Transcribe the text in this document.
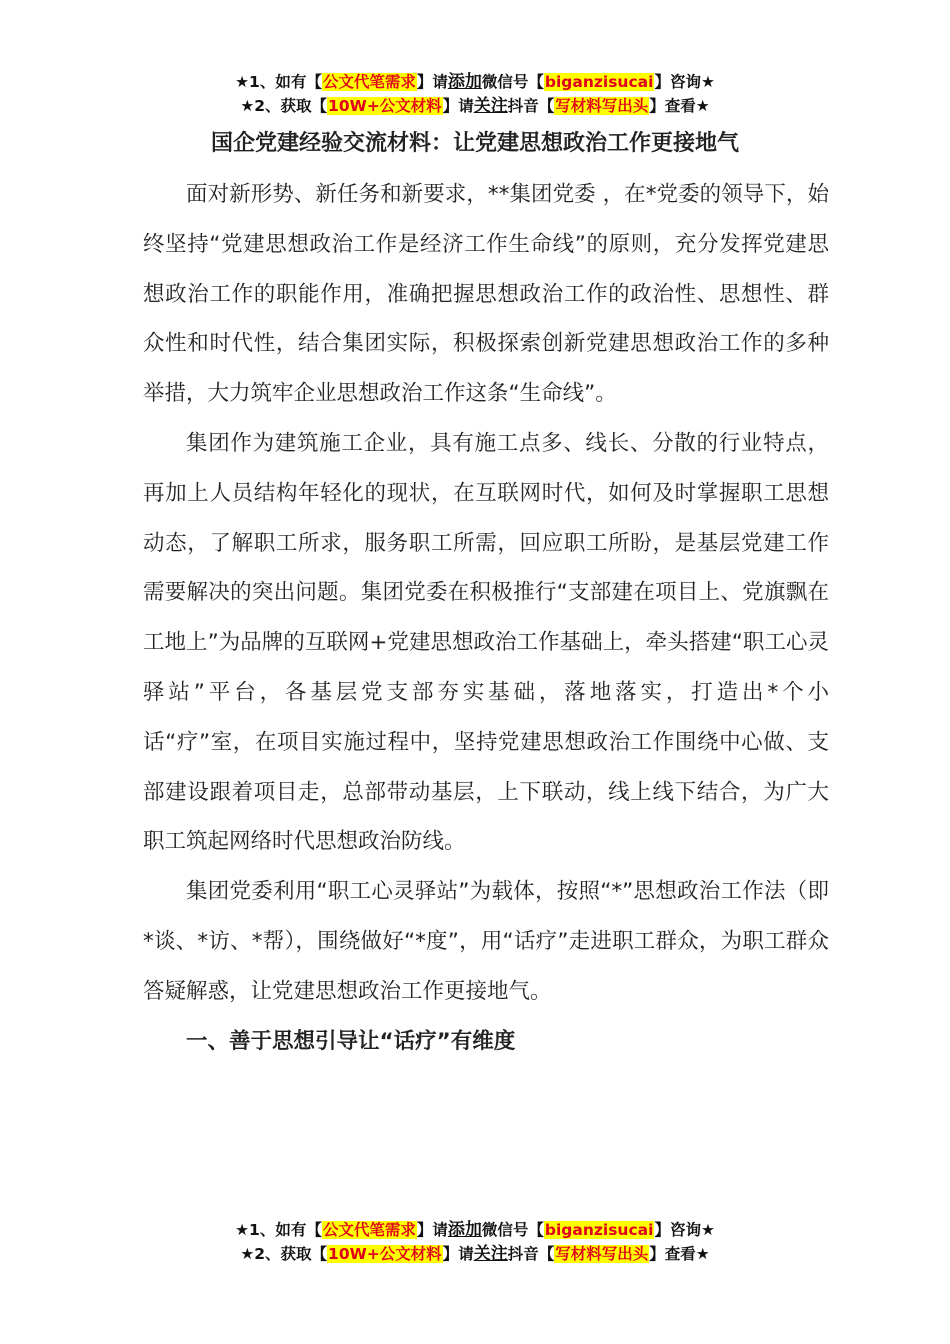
★1、如有【公文代笔需求】请添加微信号【biganzisucai】咨询★
★2、获取【10W+公文材料】请关注抖音【写材料写出头】查看★
国企党建经验交流材料：让党建思想政治工作更接地气

面对新形势、新任务和新要求，**集团党委 ，在*党委的领导下，始终坚持“党建思想政治工作是经济工作生命线”的原则，充分发挥党建思想政治工作的职能作用，准确把握思想政治工作的政治性、思想性、群众性和时代性，结合集团实际，积极探索创新党建思想政治工作的多种举措，大力筑牢企业思想政治工作这条“生命线”。

集团作为建筑施工企业，具有施工点多、线长、分散的行业特点，再加上人员结构年轻化的现状，在互联网时代，如何及时掌握职工思想动态，了解职工所求，服务职工所需，回应职工所盼，是基层党建工作需要解决的突出问题。集团党委在积极推行“支部建在项目上、党旗飘在工地上”为品牌的互联网+党建思想政治工作基础上，牵头搭建“职工心灵驿站”平台，各基层党支部夯实基础，落地落实，打造出*个小话“疗”室，在项目实施过程中，坚持党建思想政治工作围绕中心做、支部建设跟着项目走，总部带动基层，上下联动，线上线下结合，为广大职工筑起网络时代思想政治防线。

集团党委利用“职工心灵驿站”为载体，按照“*”思想政治工作法（即*谈、*访、*帮），围绕做好“*度”，用“话疗”走进职工群众，为职工群众答疑解惑，让党建思想政治工作更接地气。

一、善于思想引导让“话疗”有维度
★1、如有【公文代笔需求】请添加微信号【biganzisucai】咨询★
★2、获取【10W+公文材料】请关注抖音【写材料写出头】查看★
